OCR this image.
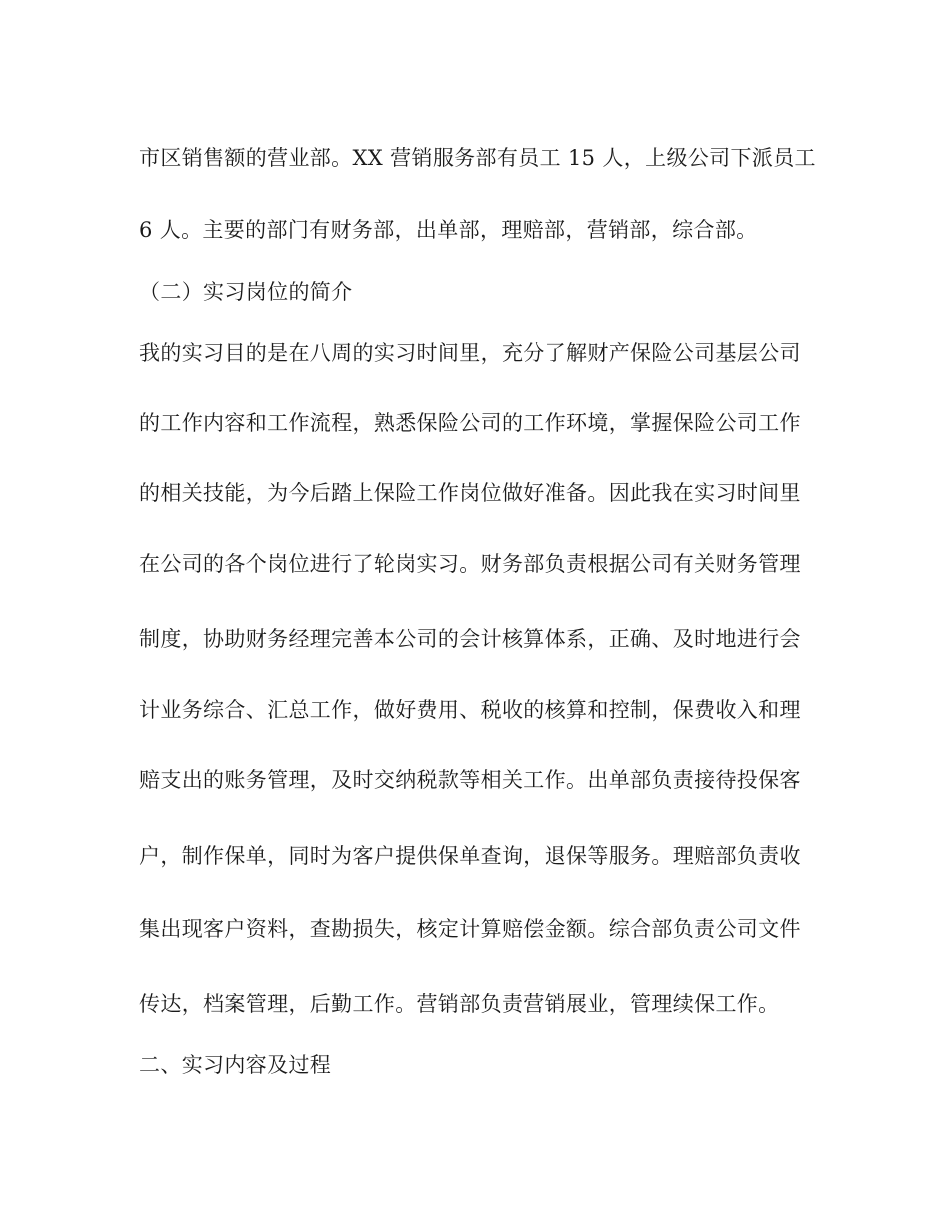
市区销售额的营业部。XX 营销服务部有员工 15 人，上级公司下派员工
6 人。主要的部门有财务部，出单部，理赔部，营销部，综合部。
（二）实习岗位的简介
我的实习目的是在八周的实习时间里，充分了解财产保险公司基层公司
的工作内容和工作流程，熟悉保险公司的工作环境，掌握保险公司工作
的相关技能，为今后踏上保险工作岗位做好准备。因此我在实习时间里
在公司的各个岗位进行了轮岗实习。财务部负责根据公司有关财务管理
制度，协助财务经理完善本公司的会计核算体系，正确、及时地进行会
计业务综合、汇总工作，做好费用、税收的核算和控制，保费收入和理
赔支出的账务管理，及时交纳税款等相关工作。出单部负责接待投保客
户，制作保单，同时为客户提供保单查询，退保等服务。理赔部负责收
集出现客户资料，查勘损失，核定计算赔偿金额。综合部负责公司文件
传达，档案管理，后勤工作。营销部负责营销展业，管理续保工作。
二、实习内容及过程
